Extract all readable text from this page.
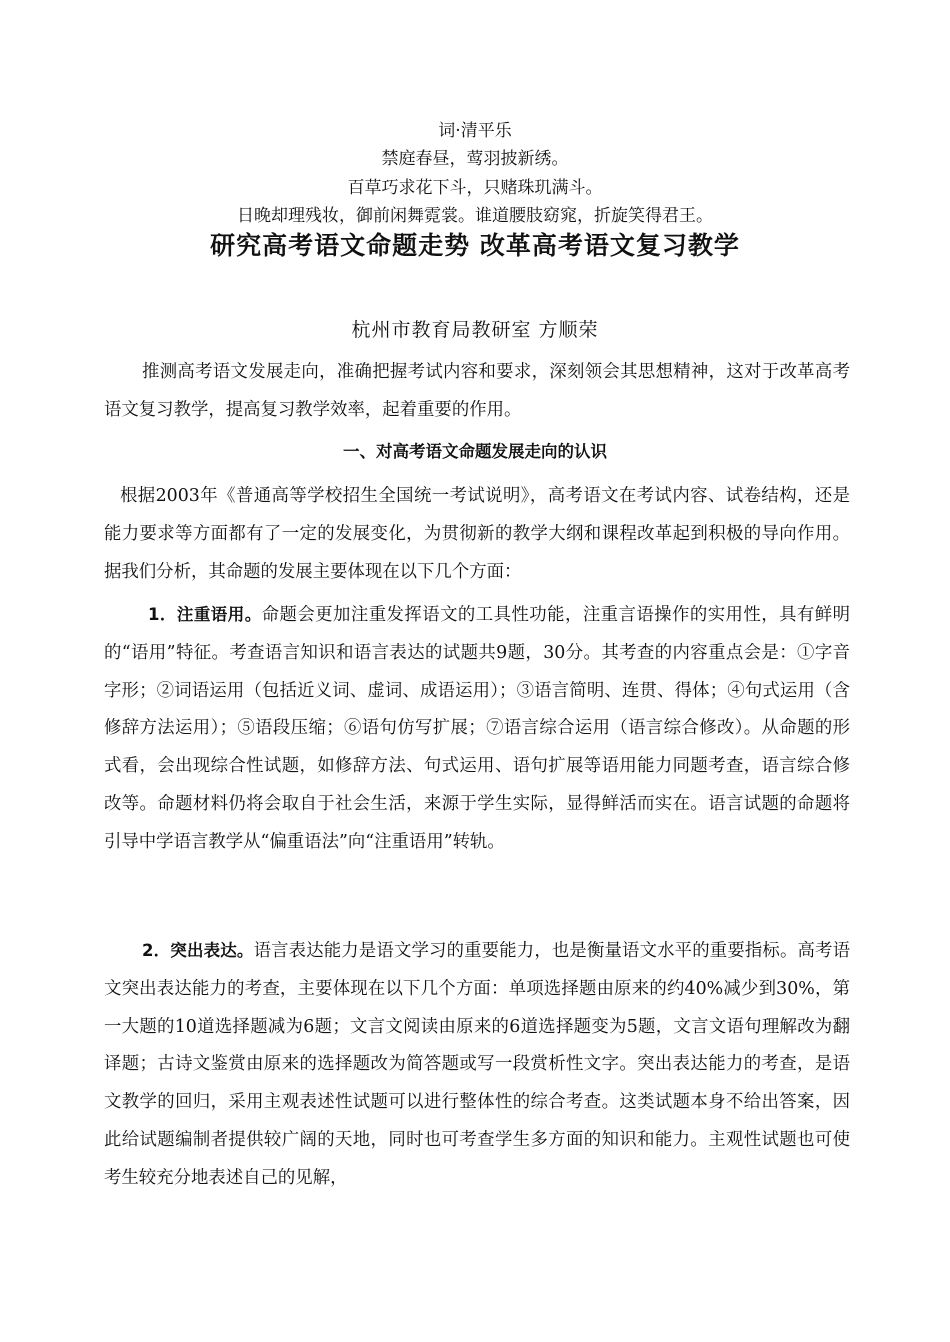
词·清平乐
禁庭春昼，莺羽披新绣。
百草巧求花下斗，只赌珠玑满斗。
日晚却理残妆，御前闲舞霓裳。谁道腰肢窈窕，折旋笑得君王。
研究高考语文命题走势 改革高考语文复习教学
杭州市教育局教研室 方顺荣
推测高考语文发展走向，准确把握考试内容和要求，深刻领会其思想精神，这对于改革高考语文复习教学，提高复习教学效率，起着重要的作用。
一、对高考语文命题发展走向的认识
根据2003年《普通高等学校招生全国统一考试说明》，高考语文在考试内容、试卷结构，还是能力要求等方面都有了一定的发展变化，为贯彻新的教学大纲和课程改革起到积极的导向作用。据我们分析，其命题的发展主要体现在以下几个方面：
1．注重语用。命题会更加注重发挥语文的工具性功能，注重言语操作的实用性，具有鲜明的“语用”特征。考查语言知识和语言表达的试题共9题，30分。其考查的内容重点会是：①字音字形；②词语运用（包括近义词、虚词、成语运用）；③语言简明、连贯、得体；④句式运用（含修辞方法运用）；⑤语段压缩；⑥语句仿写扩展；⑦语言综合运用（语言综合修改）。从命题的形式看，会出现综合性试题，如修辞方法、句式运用、语句扩展等语用能力同题考查，语言综合修改等。命题材料仍将会取自于社会生活，来源于学生实际，显得鲜活而实在。语言试题的命题将引导中学语言教学从“偏重语法”向“注重语用”转轨。
2．突出表达。语言表达能力是语文学习的重要能力，也是衡量语文水平的重要指标。高考语文突出表达能力的考查，主要体现在以下几个方面：单项选择题由原来的约40%减少到30%，第一大题的10道选择题减为6题；文言文阅读由原来的6道选择题变为5题，文言文语句理解改为翻译题；古诗文鉴赏由原来的选择题改为简答题或写一段赏析性文字。突出表达能力的考查，是语文教学的回归，采用主观表述性试题可以进行整体性的综合考查。这类试题本身不给出答案，因此给试题编制者提供较广阔的天地，同时也可考查学生多方面的知识和能力。主观性试题也可使考生较充分地表述自己的见解，
